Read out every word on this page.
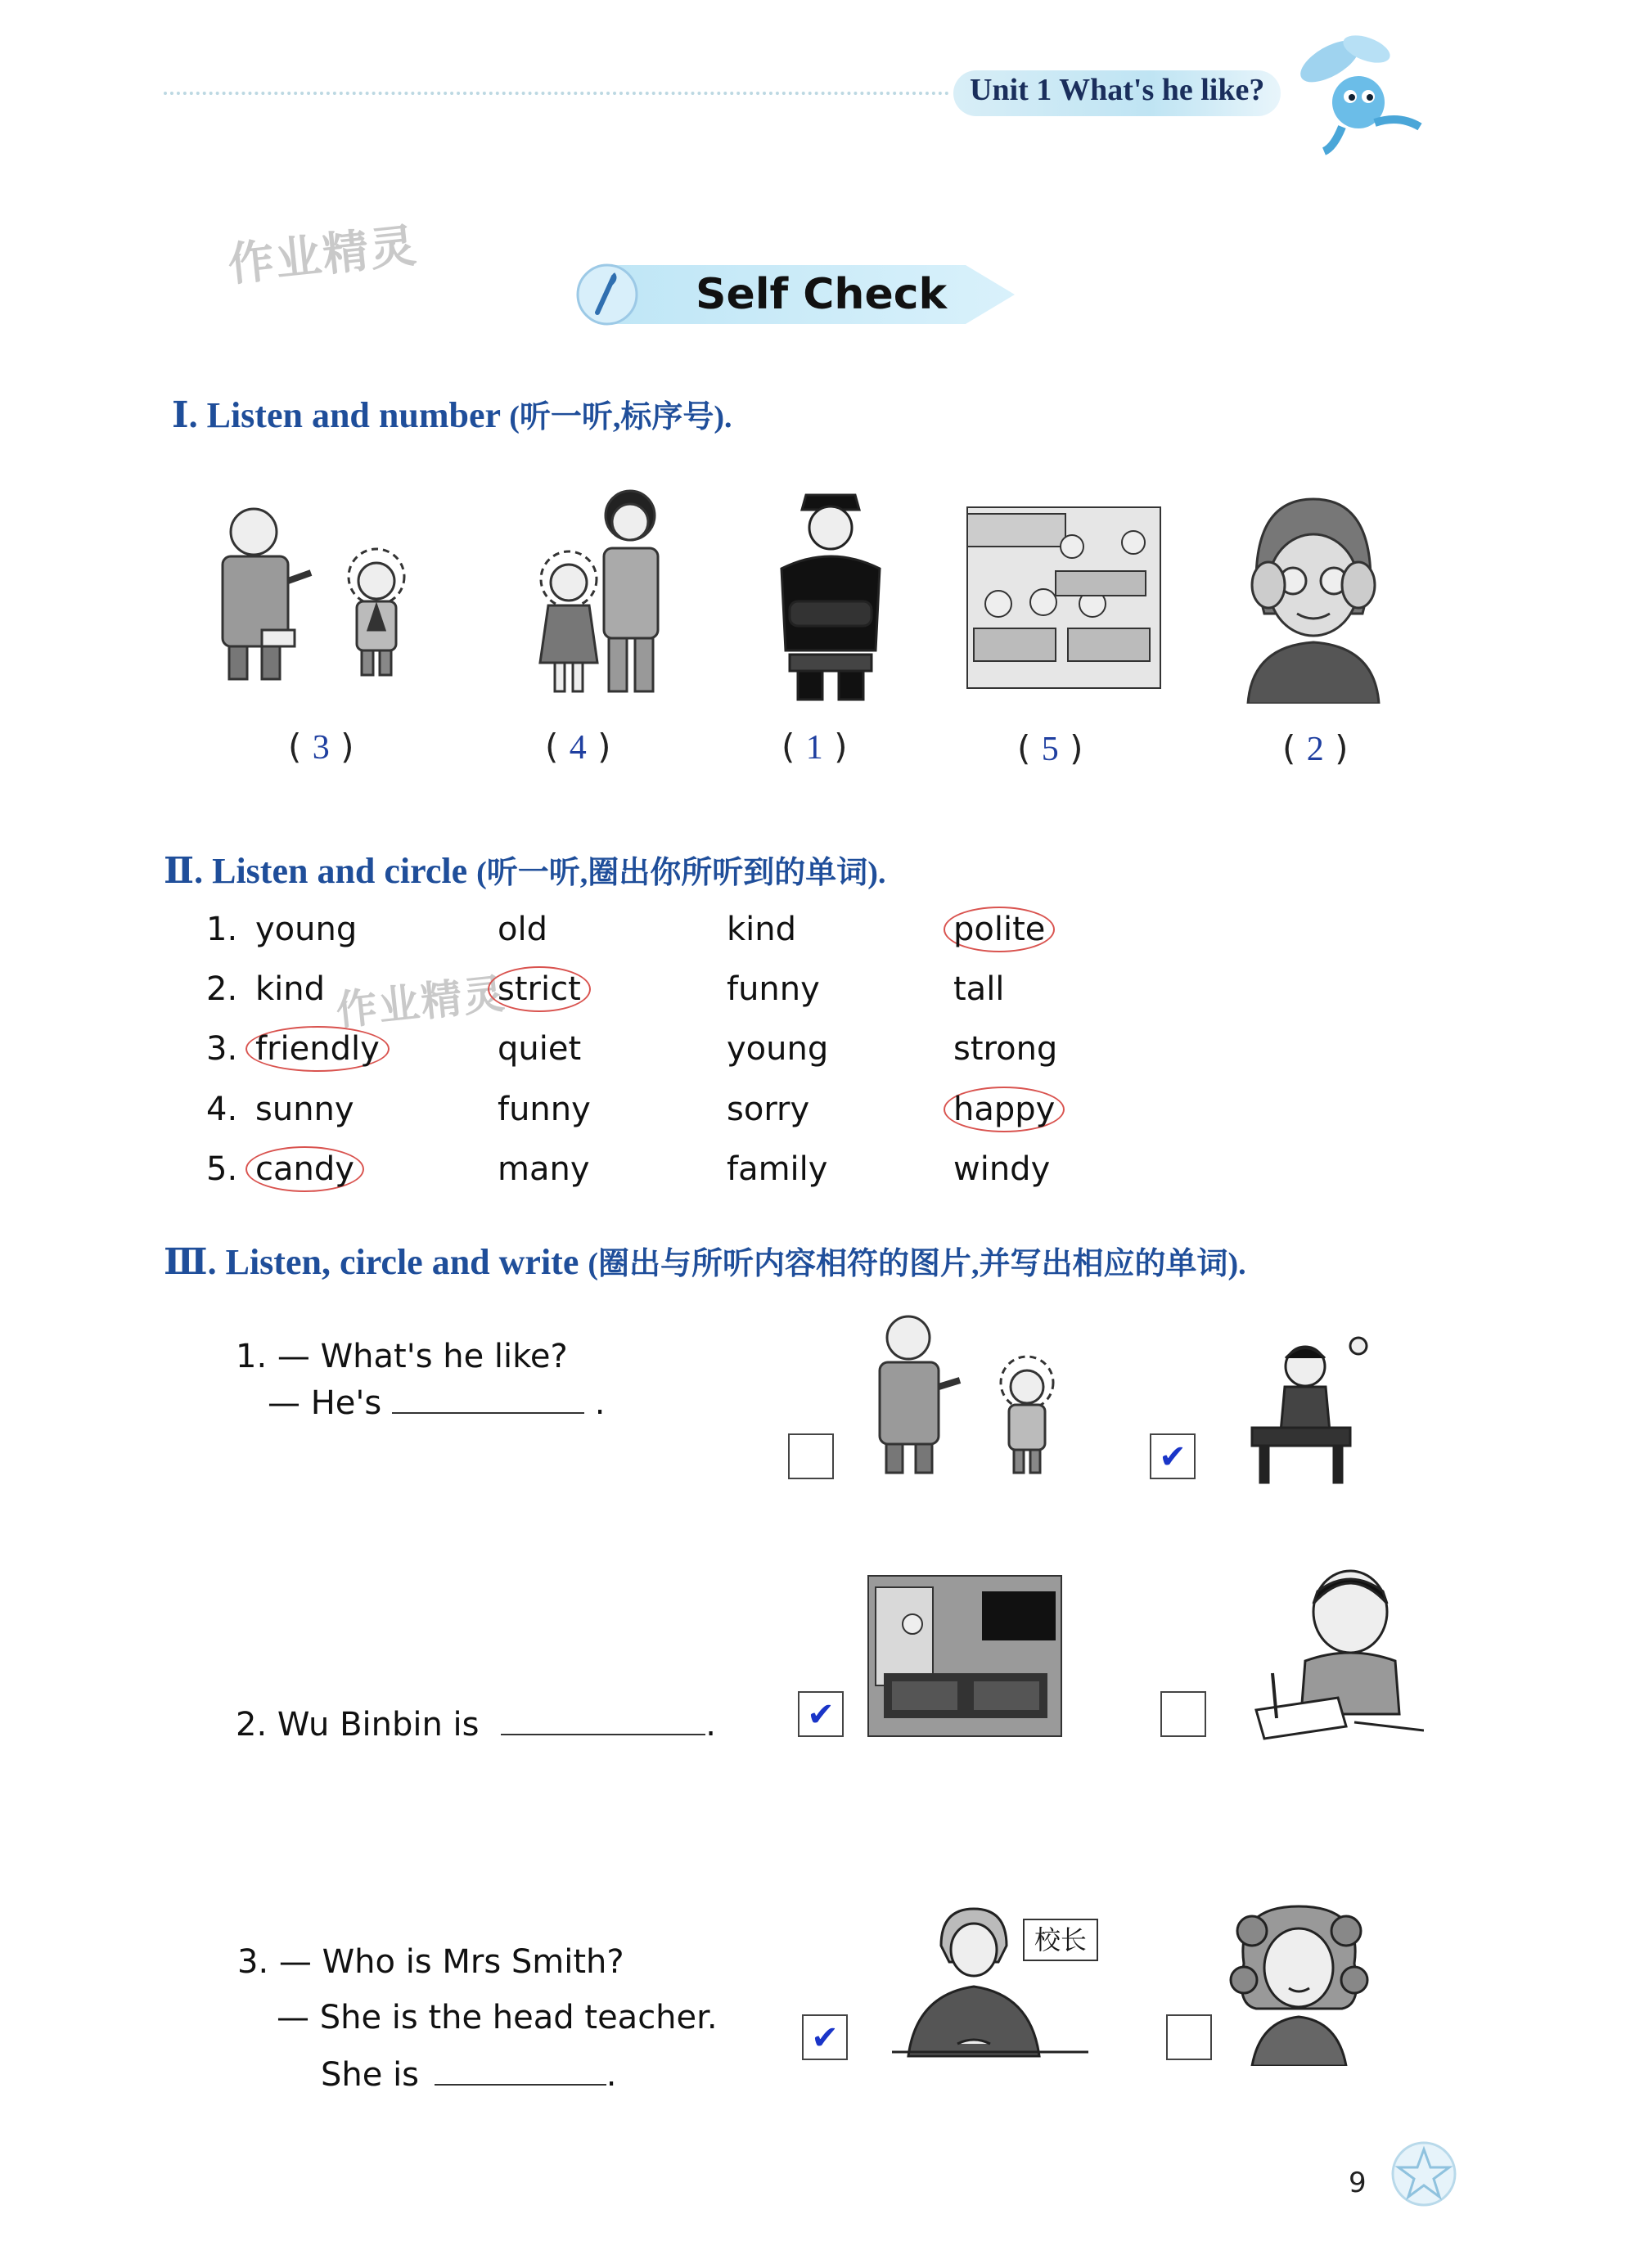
Unit 1 What's he like?
作业精灵
作业精灵
Self Check
Ⅰ. Listen and number (听一听,标序号).
( 3 )	( 4 )	( 1 )	( 5 )	( 2 )
Ⅱ. Listen and circle (听一听,圈出你所听到的单词).
1. young	old	kind	polite
2. kind	strict	funny	tall
3. friendly	quiet	young	strong
4. sunny	funny	sorry	happy
5. candy	many	family	windy
Ⅲ. Listen, circle and write (圈出与所听内容相符的图片,并写出相应的单词).
1. — What's he like?
— He's	.
✔
2. Wu Binbin is	.	✔
3. — Who is Mrs Smith?
— She is the head teacher.
She is	.
校长
✔
9
